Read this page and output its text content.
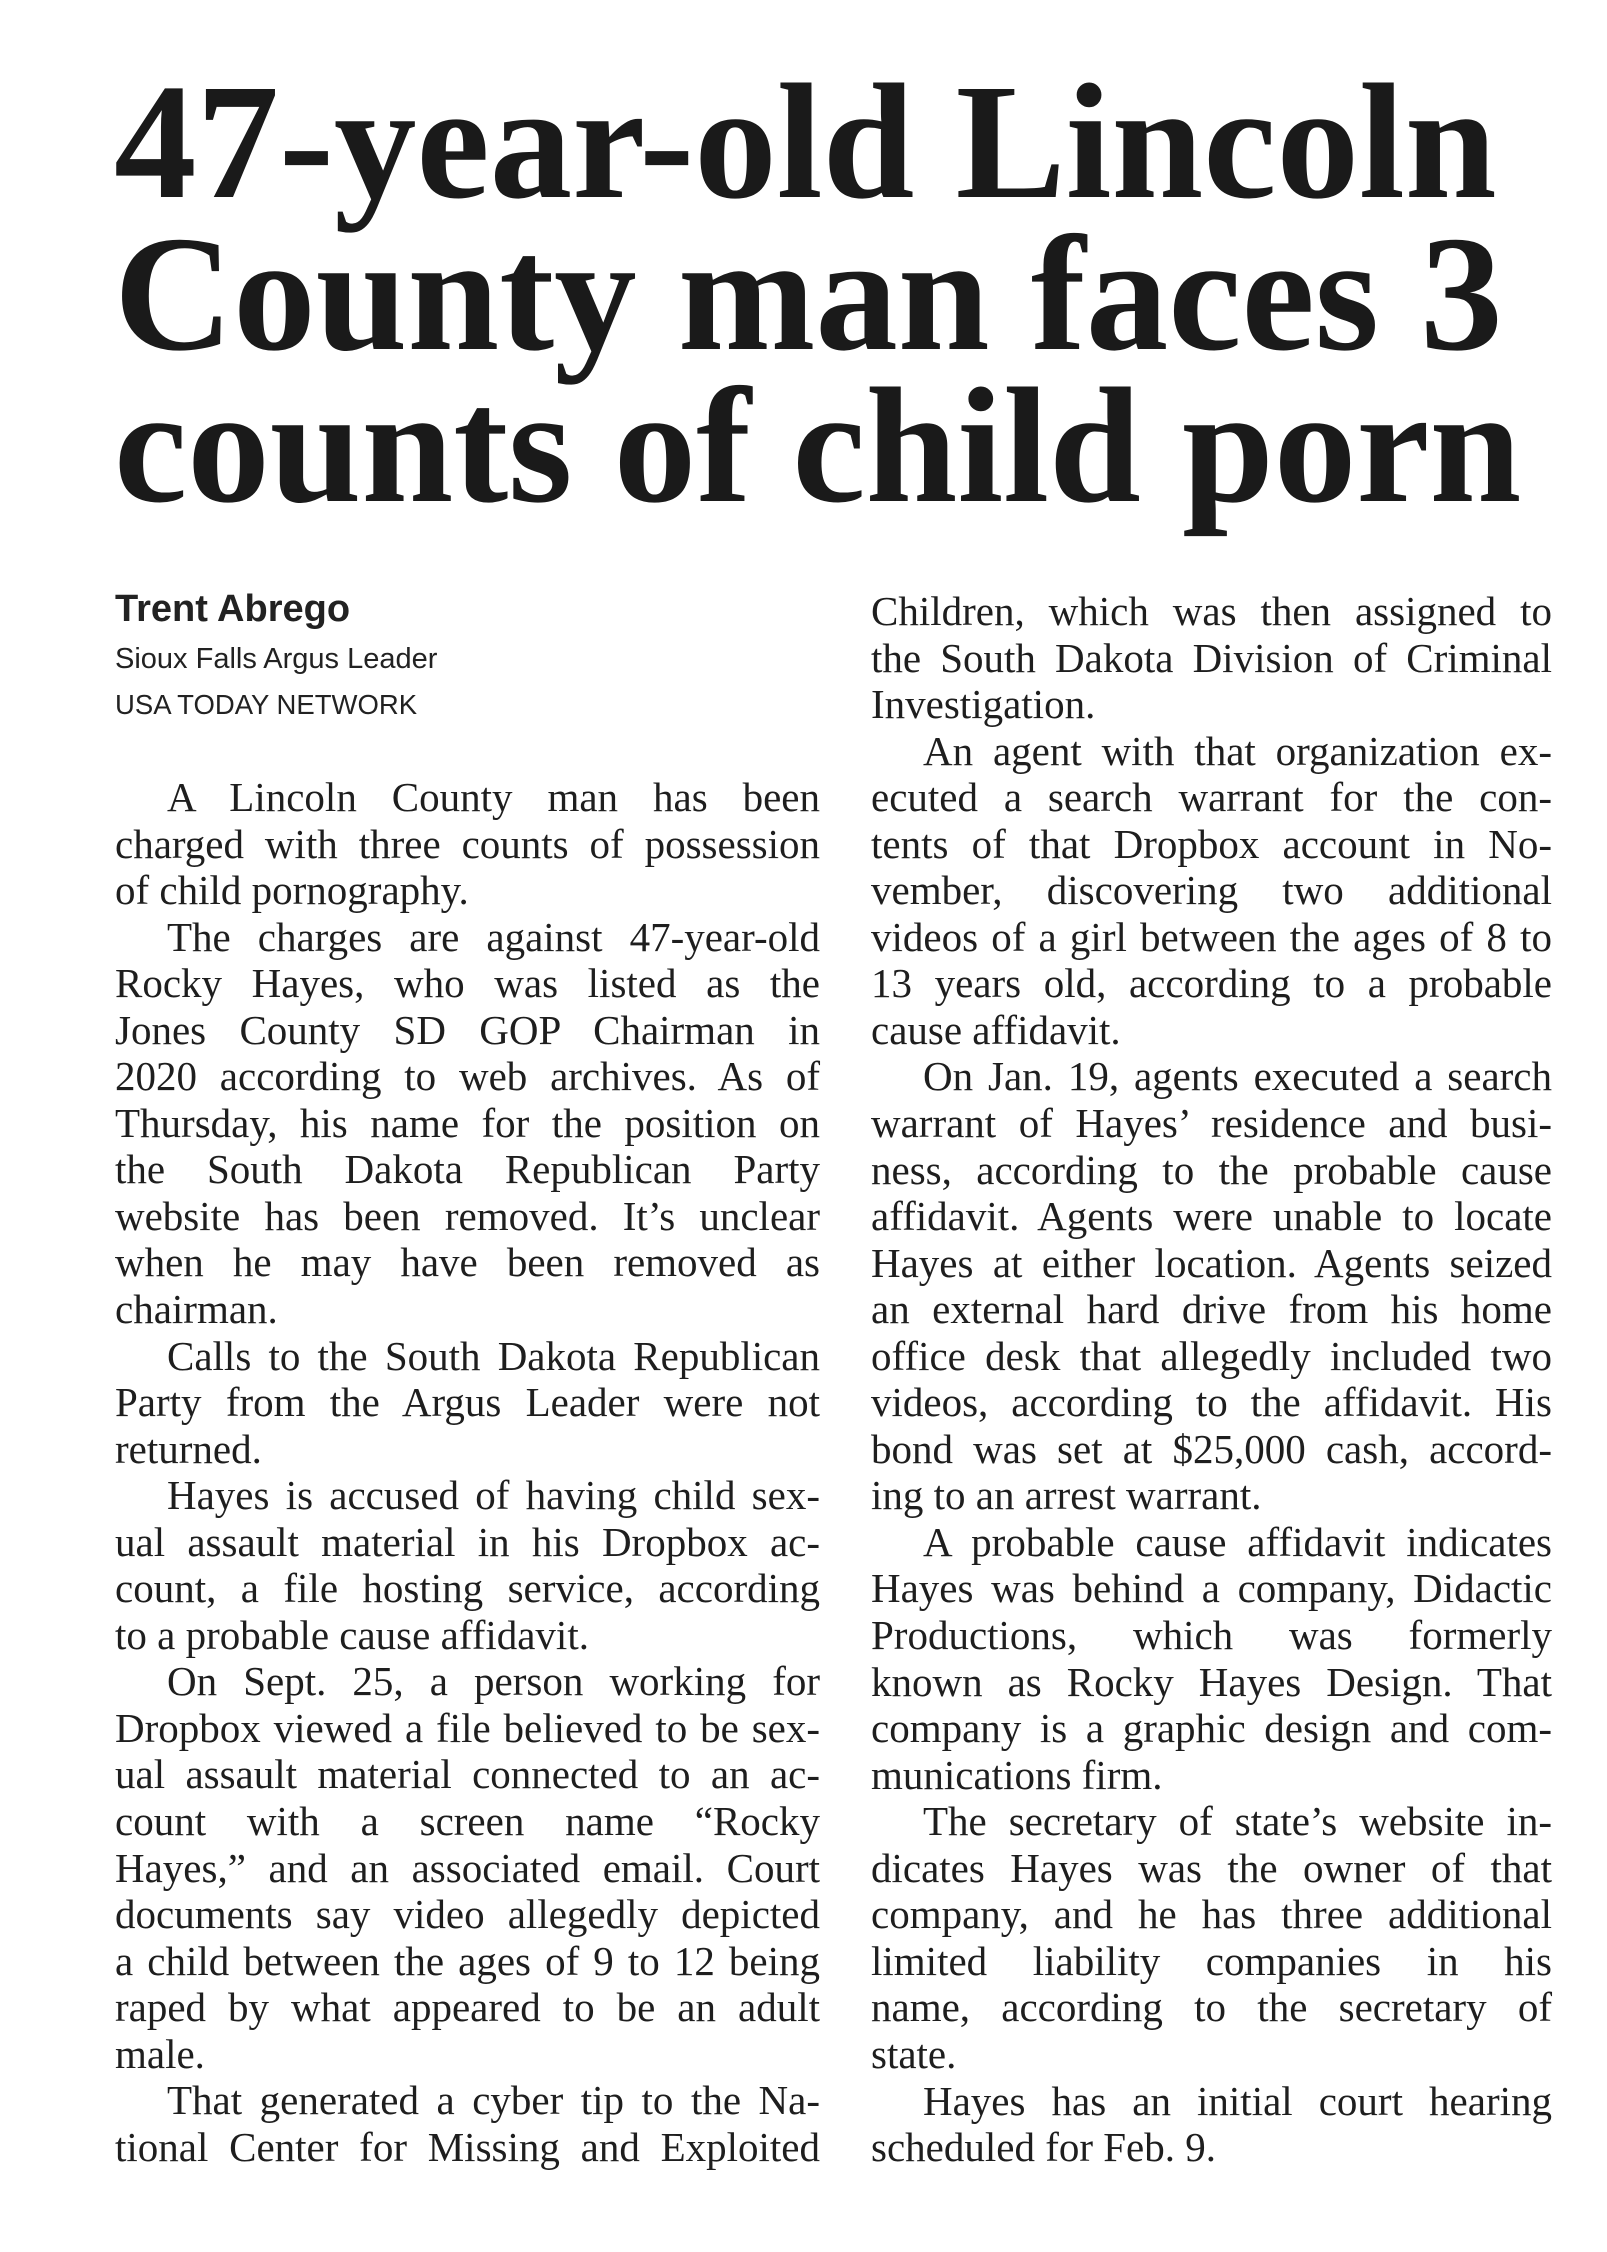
47-year-old Lincoln
County man faces 3
counts of child porn
Trent Abrego
Sioux Falls Argus Leader
USA TODAY NETWORK
A Lincoln County man has been
charged with three counts of possession
of child pornography.
The charges are against 47-year-old
Rocky Hayes, who was listed as the
Jones County SD GOP Chairman in
2020 according to web archives. As of
Thursday, his name for the position on
the South Dakota Republican Party
website has been removed. It’s unclear
when he may have been removed as
chairman.
Calls to the South Dakota Republican
Party from the Argus Leader were not
returned.
Hayes is accused of having child sex-
ual assault material in his Dropbox ac-
count, a file hosting service, according
to a probable cause affidavit.
On Sept. 25, a person working for
Dropbox viewed a file believed to be sex-
ual assault material connected to an ac-
count with a screen name “Rocky
Hayes,” and an associated email. Court
documents say video allegedly depicted
a child between the ages of 9 to 12 being
raped by what appeared to be an adult
male.
That generated a cyber tip to the Na-
tional Center for Missing and Exploited
Children, which was then assigned to
the South Dakota Division of Criminal
Investigation.
An agent with that organization ex-
ecuted a search warrant for the con-
tents of that Dropbox account in No-
vember, discovering two additional
videos of a girl between the ages of 8 to
13 years old, according to a probable
cause affidavit.
On Jan. 19, agents executed a search
warrant of Hayes’ residence and busi-
ness, according to the probable cause
affidavit. Agents were unable to locate
Hayes at either location. Agents seized
an external hard drive from his home
office desk that allegedly included two
videos, according to the affidavit. His
bond was set at $25,000 cash, accord-
ing to an arrest warrant.
A probable cause affidavit indicates
Hayes was behind a company, Didactic
Productions, which was formerly
known as Rocky Hayes Design. That
company is a graphic design and com-
munications firm.
The secretary of state’s website in-
dicates Hayes was the owner of that
company, and he has three additional
limited liability companies in his
name, according to the secretary of
state.
Hayes has an initial court hearing
scheduled for Feb. 9.
